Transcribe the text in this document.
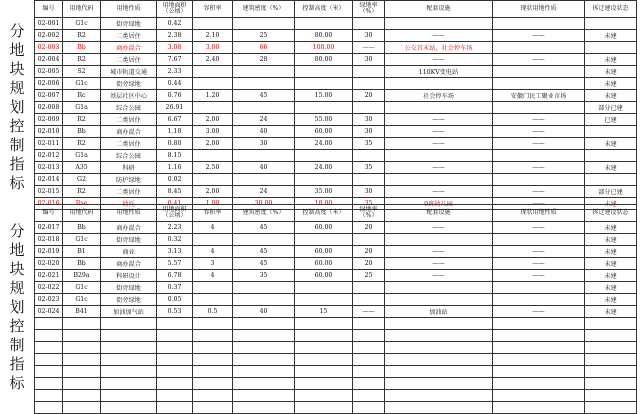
分
地
块
规
划
控
制
指
标
分
地
块
规
划
控
制
指
标
编号	用地代码	用地性质	用地面积（公顷）	容积率	建筑密度（%）	控制高度（米）	绿地率（%）	配套设施	现状用地性质	拆迁建设状态
02-001	G1c	街旁绿地	0.42							
02-002	R2	二类居住	2.38	2.10	25	80.00	30	——	——	未建
02-003	Bb	商办混合	3.08	3.00	66	100.00	——	公交首末站，社会停车场		
02-004	R2	二类居住	7.67	2.40	28	80.00	30	——	——	未建
02-005	S2	城市轨道交通	2.33					110KV变电站		未建
02-006	G1c	街旁绿地	0.44							未建
02-007	Rc	基层社区中心	0.76	1.20	45	15.00	20	社会停车场	安徽门民工聚业市场	未建
02-008	G1a	综合公园	26.91							部分已建
02-009	R2	二类居住	6.67	2.00	24	55.00	30	——	——	已建
02-010	Bb	商办混合	1.18	3.00	40	60.00	30	——	——	
02-011	R2	二类居住	0.80	2.00	30	24.00	35	——	——	未建
02-012	G1a	综合公园	8.15							
02-013	A35	科研	1.16	2.50	40	24.00	35	——	——	未建
02-014	G2	防护绿地	0.02							
02-015	R2	二类居住	8.45	2.00	24	35.00	30	——	——	部分已建
02-016	Rse	幼托	0.41	1.00	30.00	18.00	35	9班幼儿园	——	未建
编号	用地代码	用地性质	用地面积（公顷）	容积率	建筑密度（%）	控制高度（米）	绿地率（%）	配套设施	现状用地性质	拆迁建设状态
02-017	Bb	商办混合	2.23	4	45	60.00	20	——	——	未建
02-018	G1c	街旁绿地	0.32							未建
02-019	B1	商业	3.13	4	45	60.00	20	——	——	未建
02-020	Bb	商办混合	5.57	3	45	60.00	20	——	——	未建
02-021	B29a	科研设计	6.78	4	35	60.00	25	——	——	未建
02-022	G1c	街旁绿地	0.37							未建
02-023	G1c	街旁绿地	0.05							未建
02-024	B41	加油加气站	0.53	0.5	40	15	——	加油站	——	未建
